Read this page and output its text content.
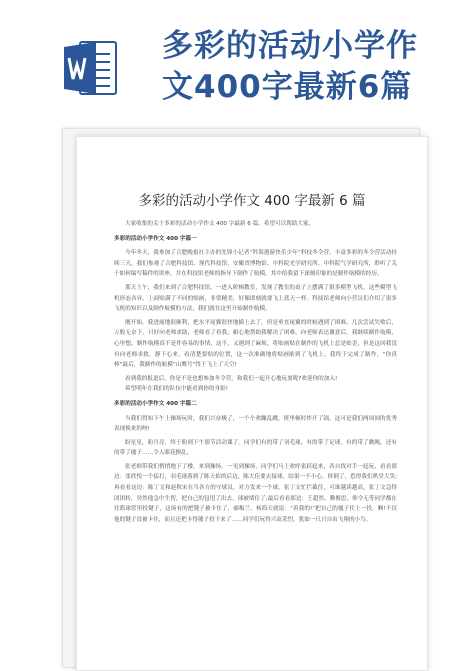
多彩的活动小学作
文400字最新6篇
多彩的活动小学作文 400 字最新 6 篇

大家收集的关于多彩的活动小学作文 400 字最新 6 篇，希望可以帮助大家。

多彩的活动小学作文 400 字篇一

今年冬天，我参加了合肥晚报社主办的先锋小记者“科海遨游快乐少年”科技冬令营，丰富多彩的冬令营活动持续三天，我们参观了合肥科技馆、现代科技馆，安徽省博物馆、中科院光学研究所、中科院气学研究所，聆听了关于如何编写稿件的讲座，并在科技馆老师的指导下制作了航模，其中给我留下深刻印象的是制作航模的经历。

那天上午，我们来到了合肥科技馆，一进入阶梯教室，发现了教室的桌子上摆满了很多模型飞机，这些模型飞机形态各异，上面贴满了不同的贴画，非常精美，好像即刻就要飞上蓝天一样。科技馆老师向小营员们介绍了很多飞机的知识以及制作航模的方法，我们就在这里开始制作航模。

刚开始，我进展地很顺利，把水平尾翼很快地插上去了，但是垂直尾翼的时候遇到了困难，几次尝试失败后，万般无奈下，只好向老师求助，老师看了看我，耐心地帮助我解决了困难，向老师表达谢意后，我继续制作航模，心里想，制作航模真不是件容易的事情，这不，又遇到了麻烦，将贴画贴在制作的飞机上总是贴歪，但是这回我没有向老师求救，静下心来，看清楚要贴的位置，这一次准确地将贴画贴到了飞机上，我终于完成了制作，“你真棒”最后，我制作的航模“山鹰号”终于飞上了天空!

看到我的报道后，你是不是也想参加冬令营，和我们一起开心地玩耍呢?欢迎你的加入!

希望明年在我们的队伍中能看到你的身影!

多彩的活动小学作文 400 字篇二

当我们得知下午上操场玩时，我们兴奋极了，一个个欢蹦乱跳，班里顿时炸开了锅，这可是我们两周间的优秀表现换来的呀!

盼星星，盼月亮，终于盼到下午那节活动课了。同学们有的带了羽毛球，有的带了足球，有的带了跳绳，还有的带了毽子……令人眼花撩乱。

张老师带我们悄悄地下了楼，来到操场。一见到操场，同学们马上欢呼雀跃起来，各自找对手一起玩，看看那边：张欣悦一个猛打，羽毛球落到了陈天佑的后边，陈大佳要去接球，结果一不小心，摔倒了，惹得我们哄堂大笑;再看看这边：陈丁文和赵秋宋在当各方的守球员，对方发来一个球，张丁文忙拦截住，可谁越读越高，张丁文急得团团转，突然他急中生智，把自己的包甩了出去，球被堵住了;最后看看那边：王超然、腾俊思、仰令无等同学都在往篮球筐里投键子，这场有的把键子被卡住了，郝梅兰、杨海天就说：“着我的!”把自己的毽子往上一投，啊!不仅他的键子没被卡住，而且还把卡得毽子投下来了……同学们玩得兴高采烈，犹如一只只自由飞翔的小鸟。
